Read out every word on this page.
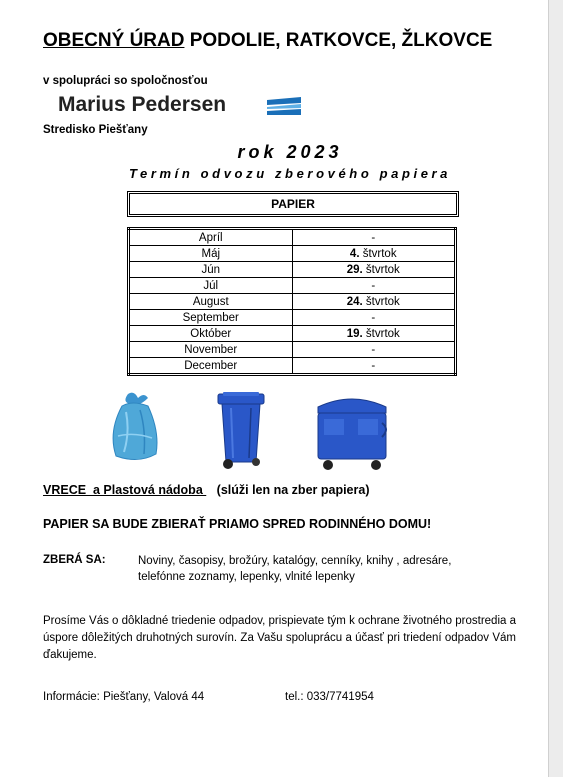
OBECNÝ ÚRAD PODOLIE, RATKOVCE, ŽLKOVCE
v spolupráci so spoločnosťou
Marius Pedersen
Stredisko Piešťany
rok 2023
Termín odvozu zberového papiera
PAPIER
Apríl	-
Máj	4. štvrtok
Jún	29. štvrtok
Júl	-
August	24. štvrtok
September	-
Október	19. štvrtok
November	-
December	-
VRECE  a Plastová nádoba    (slúži len na zber papiera)
PAPIER SA BUDE ZBIERAŤ PRIAMO SPRED RODINNÉHO DOMU!
ZBERÁ SA:	Noviny, časopisy, brožúry, katalógy, cenníky, knihy , adresáre, telefónne zoznamy, lepenky, vlnité lepenky
Prosíme Vás o dôkladné triedenie odpadov, prispievate tým k ochrane životného prostredia a úspore dôležitých druhotných surovín. Za Vašu spoluprácu a účasť pri triedení odpadov Vám ďakujeme.
Informácie: Piešťany, Valová 44	tel.: 033/7741954
